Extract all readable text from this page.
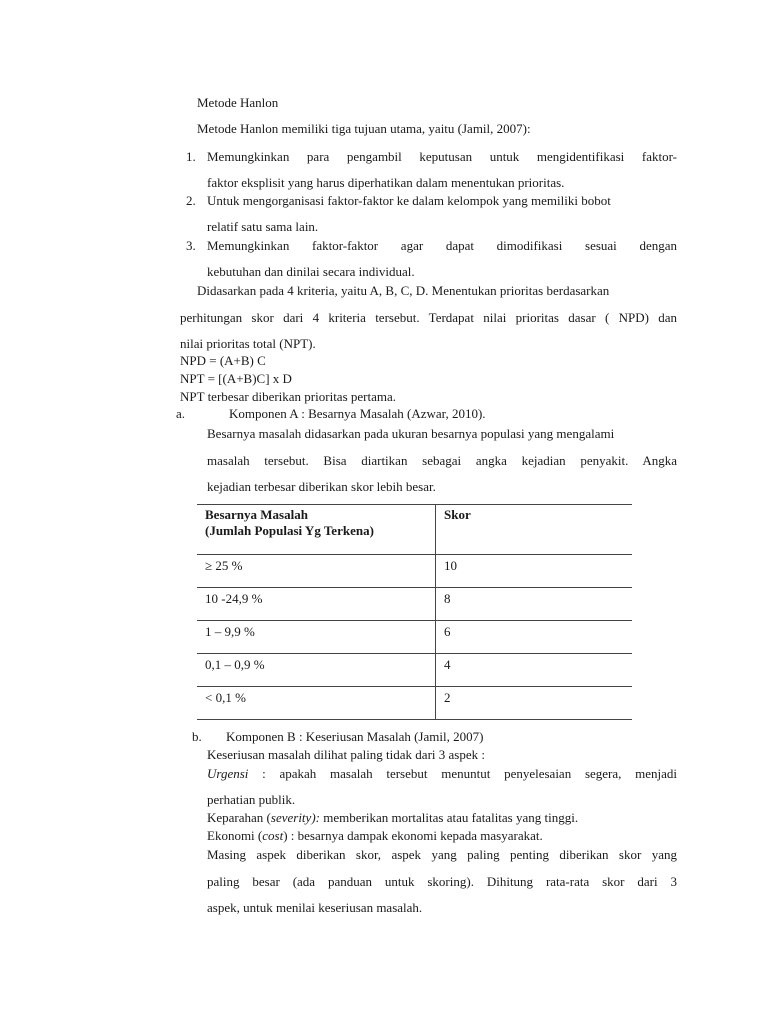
Metode Hanlon
Metode Hanlon memiliki tiga tujuan utama, yaitu (Jamil, 2007):
1. Memungkinkan para pengambil keputusan untuk mengidentifikasi faktor-
faktor eksplisit yang harus diperhatikan dalam menentukan prioritas.
2. Untuk mengorganisasi faktor-faktor ke dalam kelompok yang memiliki bobot
relatif satu sama lain.
3. Memungkinkan faktor-faktor agar dapat dimodifikasi sesuai dengan
kebutuhan dan dinilai secara individual.
Didasarkan pada 4 kriteria, yaitu A, B, C, D. Menentukan prioritas berdasarkan
perhitungan skor dari 4 kriteria tersebut. Terdapat nilai prioritas dasar ( NPD) dan
nilai prioritas total (NPT).
NPD = (A+B) C
NPT = [(A+B)C] x D
NPT terbesar diberikan prioritas pertama.
a.	Komponen A : Besarnya Masalah (Azwar, 2010).
Besarnya masalah didasarkan pada ukuran besarnya populasi yang mengalami
masalah tersebut. Bisa diartikan sebagai angka kejadian penyakit. Angka
kejadian terbesar diberikan skor lebih besar.
Besarnya Masalah
(Jumlah Populasi Yg Terkena)	Skor
≥ 25 %	10
10 -24,9 %	8
1 – 9,9 %	6
0,1 – 0,9 %	4
< 0,1 %	2
b. Komponen B : Keseriusan Masalah (Jamil, 2007)
Keseriusan masalah dilihat paling tidak dari 3 aspek :
Urgensi : apakah masalah tersebut menuntut penyelesaian segera, menjadi
perhatian publik.
Keparahan (severity): memberikan mortalitas atau fatalitas yang tinggi.
Ekonomi (cost) : besarnya dampak ekonomi kepada masyarakat.
Masing aspek diberikan skor, aspek yang paling penting diberikan skor yang
paling besar (ada panduan untuk skoring). Dihitung rata-rata skor dari 3
aspek, untuk menilai keseriusan masalah.
